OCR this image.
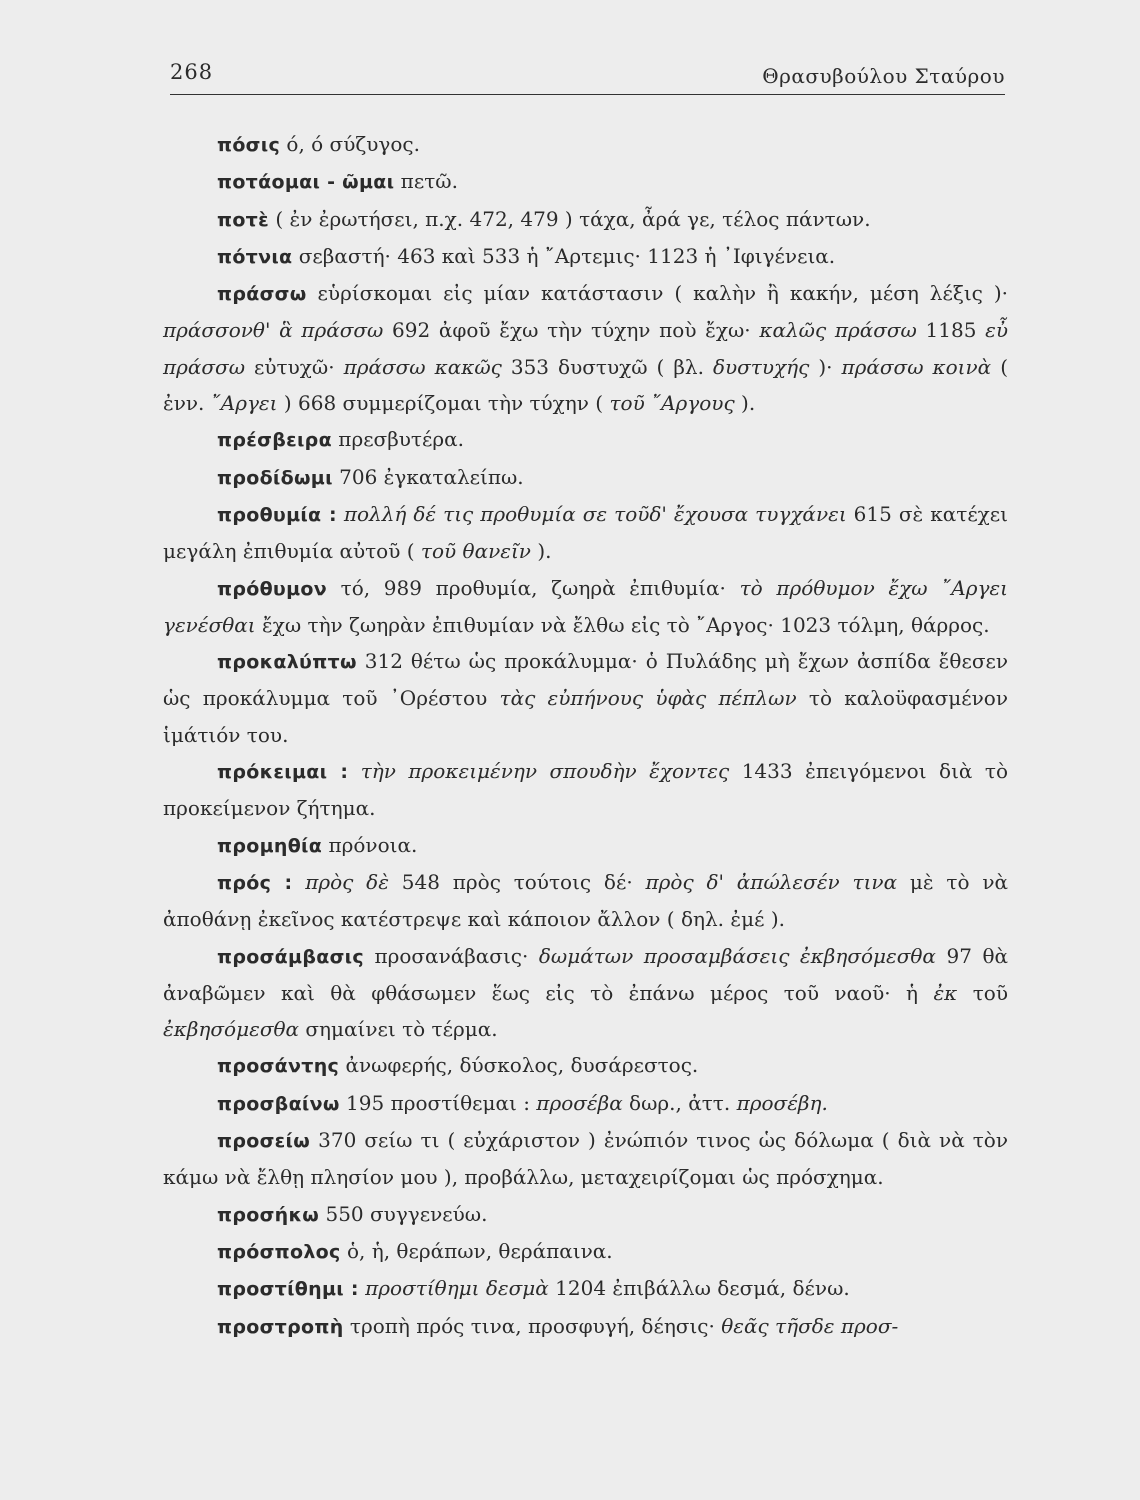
268	Θρασυβούλου Σταύρου

πόσις ό, ό σύζυγος.

ποτάομαι - ῶμαι πετῶ.

ποτὲ ( ἐν ἐρωτήσει, π.χ. 472, 479 ) τάχα, ἆρά γε, τέλος πάντων.

πότνια σεβαστή· 463 καὶ 533 ἡ ῎Αρτεμις· 1123 ἡ ᾿Ιφιγένεια.

πράσσω εὑρίσκομαι εἰς μίαν κατάστασιν ( καλὴν ἢ κακήν, μέση λέξις )· πράσσονθ' ἃ πράσσω 692 ἀφοῦ ἔχω τὴν τύχην ποὺ ἔχω· καλῶς πράσσω 1185 εὖ πράσσω εὐτυχῶ· πράσσω κακῶς 353 δυστυχῶ ( βλ. δυστυχής )· πράσσω κοινὰ ( ἐνν. ῎Αργει ) 668 συμμερίζομαι τὴν τύχην ( τοῦ ῎Αργους ).

πρέσβειρα πρεσβυτέρα.

προδίδωμι 706 ἐγκαταλείπω.

προθυμία : πολλή δέ τις προθυμία σε τοῦδ' ἔχουσα τυγχάνει 615 σὲ κατέχει μεγάλη ἐπιθυμία αὐτοῦ ( τοῦ θανεῖν ).

πρόθυμον τό, 989 προθυμία, ζωηρὰ ἐπιθυμία· τὸ πρόθυμον ἔχω ῎Αργει γενέσθαι ἔχω τὴν ζωηρὰν ἐπιθυμίαν νὰ ἔλθω εἰς τὸ ῎Αργος· 1023 τόλμη, θάρρος.

προκαλύπτω 312 θέτω ὡς προκάλυμμα· ὁ Πυλάδης μὴ ἔχων ἀσπίδα ἔθεσεν ὡς προκάλυμμα τοῦ ᾿Ορέστου τὰς εὐπήνους ὑφὰς πέπλων τὸ καλοϋφασμένον ἱμάτιόν του.

πρόκειμαι : τὴν προκειμένην σπουδὴν ἔχοντες 1433 ἐπειγόμενοι διὰ τὸ προκείμενον ζήτημα.

προμηθία πρόνοια.

πρός : πρὸς δὲ 548 πρὸς τούτοις δέ· πρὸς δ' ἀπώλεσέν τινα μὲ τὸ νὰ ἀποθάνῃ ἐκεῖνος κατέστρεψε καὶ κάποιον ἄλλον ( δηλ. ἐμέ ).

προσάμβασις προσανάβασις· δωμάτων προσαμβάσεις ἐκβησόμεσθα 97 θὰ ἀναβῶμεν καὶ θὰ φθάσωμεν ἕως εἰς τὸ ἐπάνω μέρος τοῦ ναοῦ· ἡ ἐκ τοῦ ἐκβησόμεσθα σημαίνει τὸ τέρμα.

προσάντης ἀνωφερής, δύσκολος, δυσάρεστος.

προσβαίνω 195 προστίθεμαι : προσέβα δωρ., ἀττ. προσέβη.

προσείω 370 σείω τι ( εὐχάριστον ) ἐνώπιόν τινος ὡς δόλωμα ( διὰ νὰ τὸν κάμω νὰ ἔλθῃ πλησίον μου ), προβάλλω, μεταχειρίζομαι ὡς πρόσχημα.

προσήκω 550 συγγενεύω.

πρόσπολος ὁ, ἡ, θεράπων, θεράπαινα.

προστίθημι : προστίθημι δεσμὰ 1204 ἐπιβάλλω δεσμά, δένω.

προστροπὴ τροπὴ πρός τινα, προσφυγή, δέησις· θεᾶς τῆσδε προσ-
